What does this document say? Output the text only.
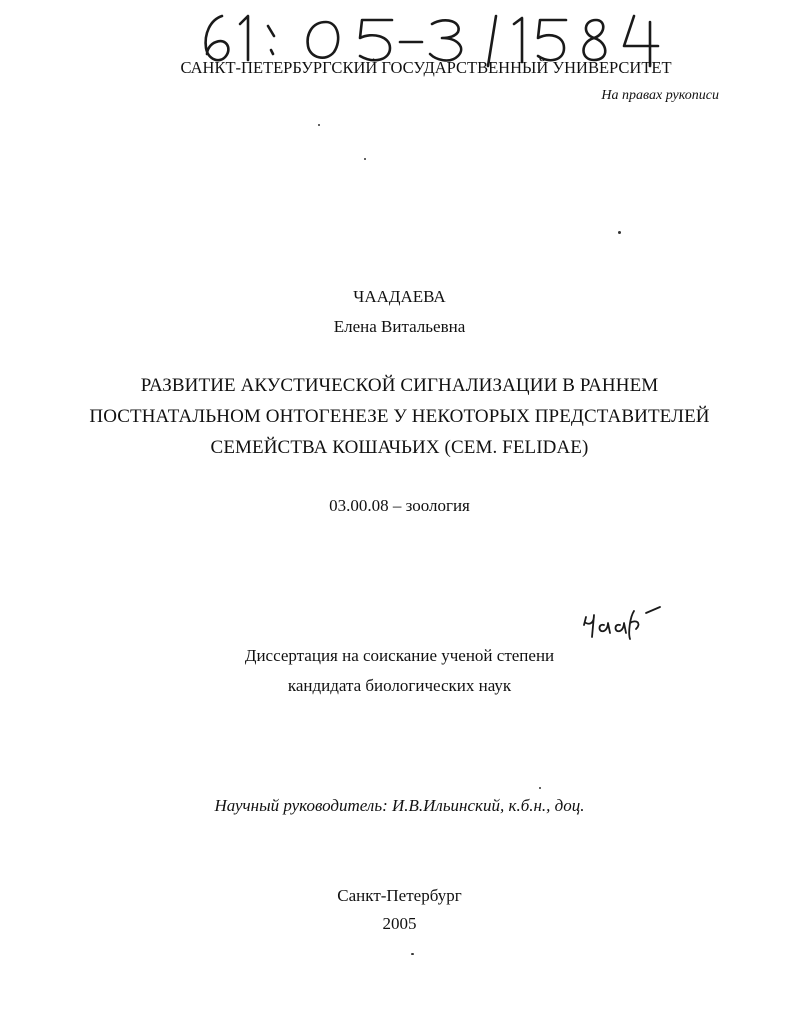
САНКТ-ПЕТЕРБУРГСКИЙ ГОСУДАРСТВЕННЫЙ УНИВЕРСИТЕТ
На правах рукописи
ЧААДАЕВА
Елена Витальевна
РАЗВИТИЕ АКУСТИЧЕСКОЙ СИГНАЛИЗАЦИИ В РАННЕМ
ПОСТНАТАЛЬНОМ ОНТОГЕНЕЗЕ У НЕКОТОРЫХ ПРЕДСТАВИТЕЛЕЙ
СЕМЕЙСТВА КОШАЧЬИХ (СЕМ. FELIDAE)
03.00.08 – зоология
Диссертация на соискание ученой степени
кандидата биологических наук
Научный руководитель: И.В.Ильинский, к.б.н., доц.
Санкт-Петербург
2005
